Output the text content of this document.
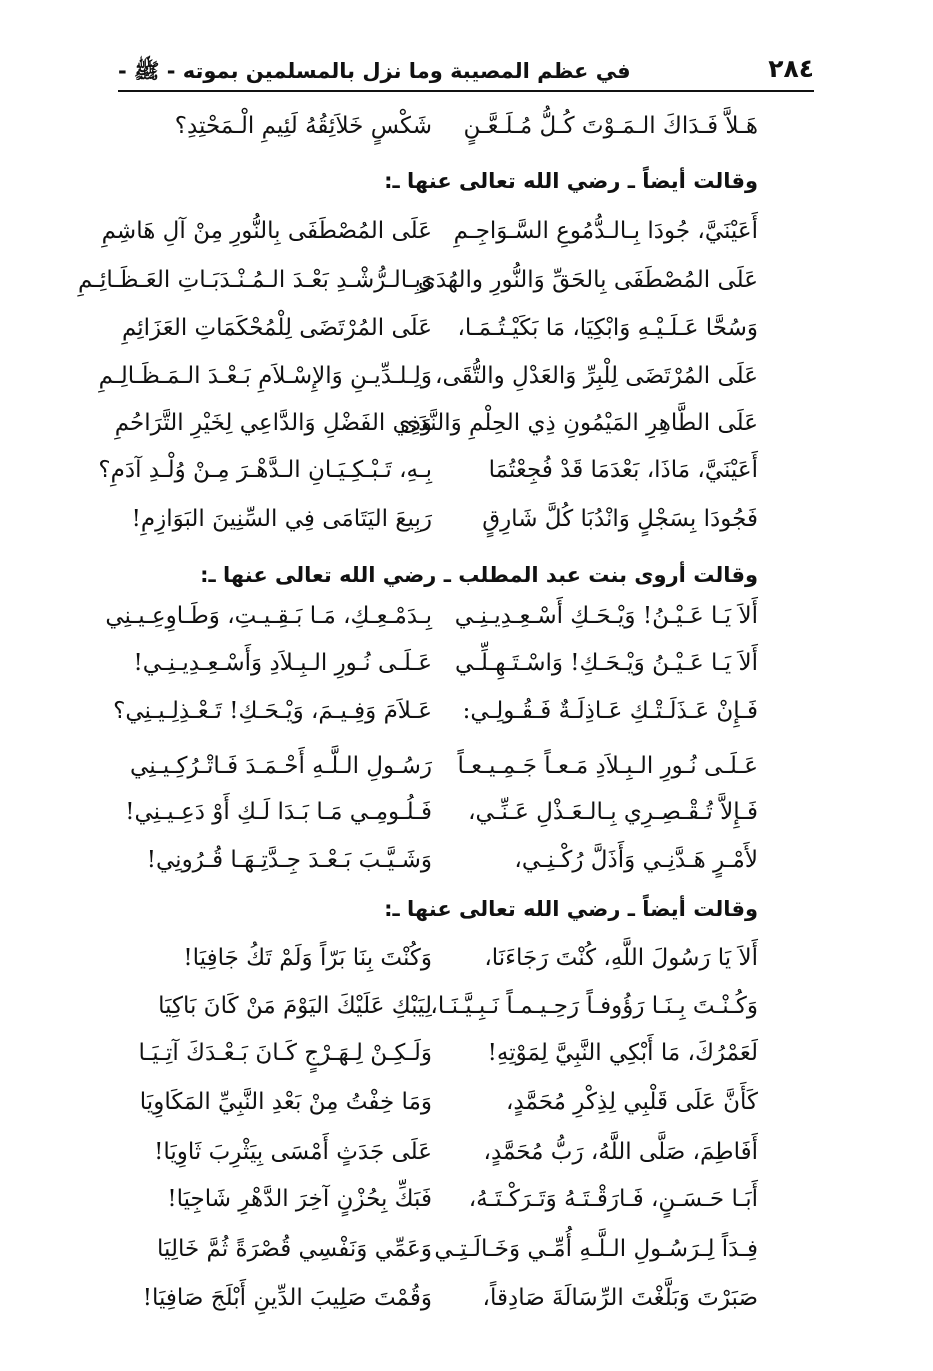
٢٨٤
في عظم المصيبة وما نزل بالمسلمين بموته - ﷺ -
هَـلاَّ فَـدَاكَ الـمَـوْتَ كُـلُّ مُـلَـعَّـنٍ
شَكْسٍ خَلاَئِقُهُ لَئِيمِ الْـمَحْتِدِ؟
وقالت أيضاً ـ رضي الله تعالى عنها ـ:
أَعَيْنَيَّ، جُودَا بِـالـدُّمُوعِ السَّـوَاجِـمِ
عَلَى المُصْطَفَى بِالنُّورِ مِنْ آلِ هَاشِمِ
عَلَى المُصْطَفَى بِالحَقِّ وَالنُّورِ والهُدَى
وَبِـالـرُّشْـدِ بَعْـدَ الـمُـنْـدَبَـاتِ العَـظَـائِـمِ
وَسُحَّا عَـلَـيْـهِ وَابْكِيَا، مَا بَكَيْـتُـمَـا،
عَلَى المُرْتَضَى لِلْمُحْكَمَاتِ العَزَائِمِ
عَلَى المُرْتَضَى لِلْبِرِّ وَالعَدْلِ والتُّقَى،
وَلِـلـدِّيـنِ وَالإِسْـلاَمِ بَـعْـدَ الـمَـظَـالِـمِ
عَلَى الطَّاهِرِ المَيْمُونِ ذِي الحِلْمِ وَالنَّدَى
وَذِي الفَضْلِ وَالدَّاعِي لِخَيْرِ التَّرَاحُمِ
أَعَيْنَيَّ، مَاذَا، بَعْدَمَا قَدْ فُجِعْتُمَا
بِـهِ، تَـبْـكِـيَـانِ الـدَّهْـرَ مِـنْ وُلْـدِ آدَمِ؟
فَجُودَا بِسَجْلٍ وَانْدُبَا كُلَّ شَارِقٍ
رَبِيعَ اليَتَامَى فِي السِّنِينَ البَوَازِمِ!
وقالت أروى بنت عبد المطلب ـ رضي الله تعالى عنها ـ:
أَلاَ يَـا عَـيْـنُ! وَيْـحَـكِ أَسْـعِـدِيـنِـي
بِـدَمْـعِـكِ، مَـا بَـقِـيـتِ، وَطَـاوِعِـيـنِي
أَلاَ يَـا عَـيْـنُ وَيْـحَـكِ! وَاسْـتَـهِـلِّـي
عَـلَـى نُـورِ الـبِـلاَدِ وَأَسْـعِـدِيـنِـي!
فَـإِنْ عَـذَلَـتْـكِ عَـاذِلَـةٌ فَـقُـولِـي:
عَـلاَمَ وَفِـيـمَ، وَيْـحَـكِ! تَـعْـذِلِـيـنِي؟
عَـلَـى نُـورِ الـبِـلاَدِ مَـعـاً جَـمِـيـعـاً
رَسُـولِ الـلَّـهِ أَحْـمَـدَ فَـاتْـرُكِـيـنِي
فَـإِلاَّ تُـقْـصِـرِي بِـالـعَـذْلِ عَـنِّـي،
فَـلُـومِـي مَـا بَـدَا لَـكِ أَوْ دَعِـيـنِي!
لأَمْـرٍ هَـدَّنِـي وَأَذَلَّ رُكْـنِـي،
وَشَـيَّـبَ بَـعْـدَ جِـدَّتِـهَـا قُـرُونِي!
وقالت أيضاً ـ رضي الله تعالى عنها ـ:
أَلاَ يَا رَسُولَ اللَّهِ، كُنْتَ رَجَاءَنَا،
وَكُنْتَ بِنَا بَرّاً وَلَمْ تَكُ جَافِيَا!
وَكُـنْـتَ بِـنَـا رَؤُوفـاً رَحِـيـمـاً نَـبِـيَّـنَـا،
لِيَبْكِ عَلَيْكَ اليَوْمَ مَنْ كَانَ بَاكِيَا
لَعَمْرُكَ، مَا أَبْكِي النَّبِيَّ لِمَوْتِهِ!
وَلَـكِـنْ لِـهَـرْجٍ كَـانَ بَـعْـدَكَ آتِـيَـا
كَأَنَّ عَلَى قَلْبِي لِذِكْرِ مُحَمَّدٍ،
وَمَا خِفْتُ مِنْ بَعْدِ النَّبِيِّ المَكَاوِيَا
أَفَاطِمَ، صَلَّى اللَّهُ، رَبُّ مُحَمَّدٍ،
عَلَى جَدَثٍ أَمْسَى بِيَثْرِبَ ثَاوِيَا!
أَبَـا حَـسَـنٍ، فَـارَقْـتَـهُ وَتَـرَكْـتَـهُ،
فَبَكِّ بِحُزْنٍ آخِرَ الدَّهْرِ شَاجِيَا!
فِـدَاً لِـرَسُـولِ الـلَّـهِ أُمِّـي وَخَـالَـتِـي
وَعَمِّي وَنَفْسِي قُصْرَةً ثُمَّ خَالِيَا
صَبَرْتَ وَبَلَّغْتَ الرِّسَالَةَ صَادِقاً،
وَقُمْتَ صَلِيبَ الدِّينِ أَبْلَجَ صَافِيَا!
